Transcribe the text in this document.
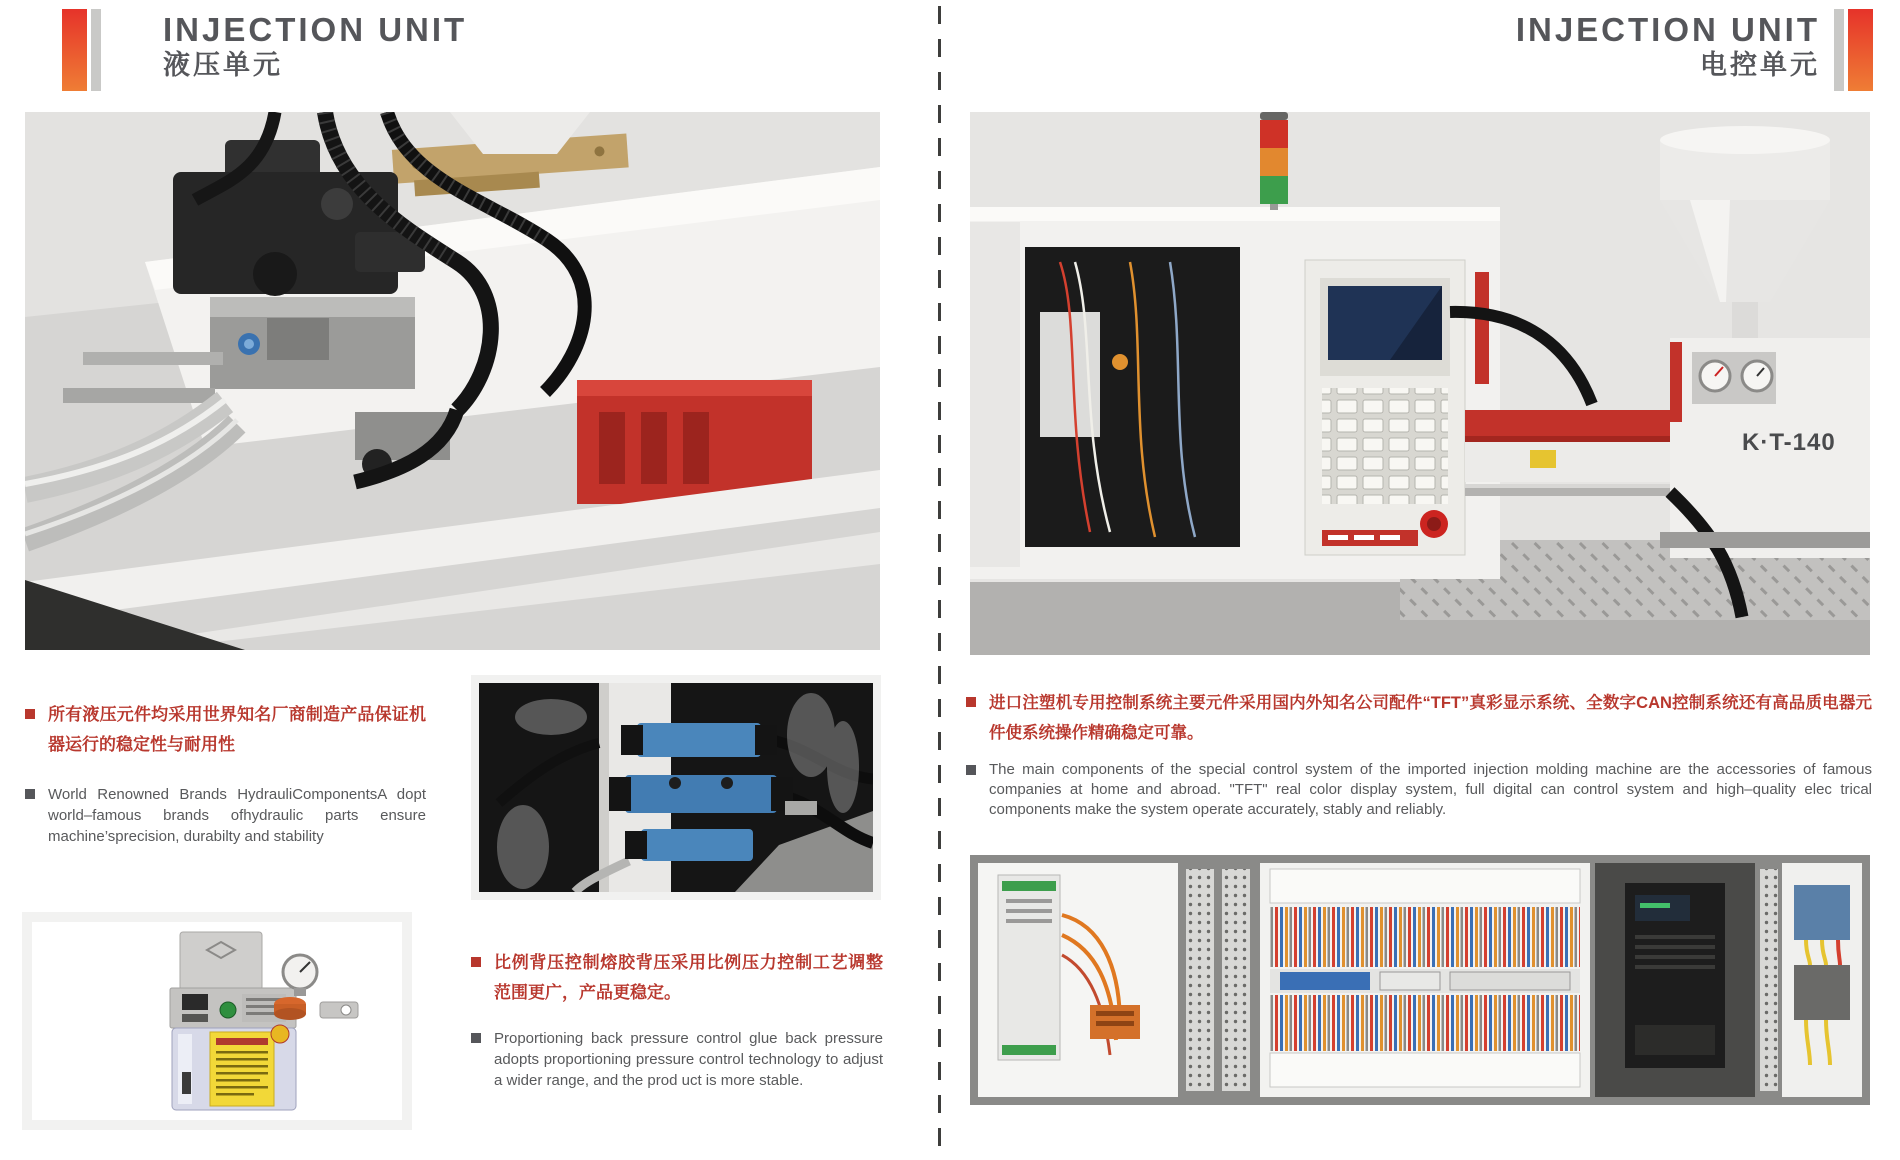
INJECTION UNIT
液压单元
所有液压元件均采用世界知名厂商制造产品保证机器运行的稳定性与耐用性
World Renowned Brands HydrauliComponentsA dopt world–famous brands ofhydraulic parts ensure machine’sprecision, durabilty and stability
比例背压控制熔胶背压采用比例压力控制工艺调整范围更广，产品更稳定。
Proportioning back pressure control glue back pressure adopts proportioning pressure control technology to adjust a wider range, and the prod uct is more stable.
INJECTION UNIT
电控单元
K·T-140
进口注塑机专用控制系统主要元件采用国内外知名公司配件“TFT”真彩显示系统、全数字CAN控制系统还有高品质电器元件使系统操作精确稳定可靠。
The main components of the special control system of the imported injection molding machine are the accessories of famous companies at home and abroad. "TFT" real color display system, full digital can control system and high–quality elec trical components make the system operate accurately, stably and reliably.
